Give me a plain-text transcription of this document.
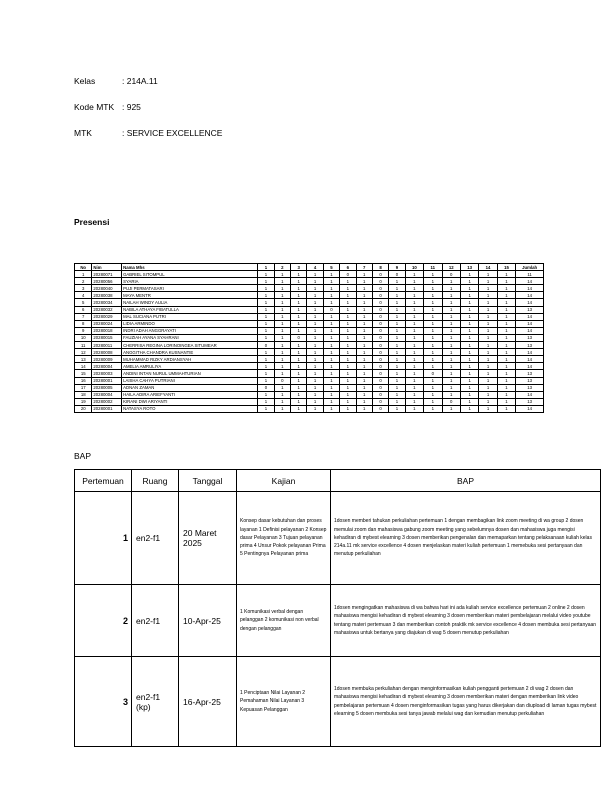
Kelas	: 214A.11
Kode MTK : 925
MTK	: SERVICE EXCELLENCE
Presensi
No	Nim	Nama Mhs	1	2	3	4	5	6	7	8	9	10	11	12	13	14	15	Jumlah
1	20280071	GABRIEL SITOMPUL	1	1	1	1	1	0	1	0	0	1	1	0	1	1	1	11
2	20280056	SYARIA	1	1	1	1	1	1	1	0	1	1	1	1	1	1	1	14
3	20280040	PUJI PERMATASARI	1	1	1	1	1	1	1	0	1	1	1	1	1	1	1	14
4	20280038	MAYA MENTR	1	1	1	1	1	1	1	0	1	1	1	1	1	1	1	14
5	20280034	NAILAH WINDY AULIA	1	1	1	1	1	1	1	0	1	1	1	1	1	1	1	14
6	20280032	NABILA ATHAYA FIBATULLA	1	1	1	1	0	1	1	0	1	1	1	1	1	1	1	13
7	20280029	MAL SUCIANA PUTRI	1	1	1	1	1	1	1	0	1	1	1	1	1	1	1	14
8	20280024	LIDIA ARMINDO	1	1	1	1	1	1	1	0	1	1	1	1	1	1	1	14
9	20280018	INDRI ADAH ANGGRAYATI	1	1	1	1	1	1	1	0	1	1	1	1	1	1	1	14
10	20280015	FAUZIAH AYANA SYAHRANI	1	1	0	1	1	1	1	0	1	1	1	1	1	1	1	13
11	20280011	CHERRISA REGINA LORINOINGEA SITUMEAR	0	1	1	1	1	1	1	0	1	1	1	1	1	1	1	13
12	20280008	ANGGITHA CHANDRA KUSNANTIE	1	1	1	1	1	1	1	0	1	1	1	1	1	1	1	14
13	20280009	MUHAMMAD RIZKY ARDIANSYAH	1	1	1	1	1	1	1	0	1	1	1	1	1	1	1	14
14	20280004	AMELIA AMRULIYA	1	1	1	1	1	1	1	0	1	1	1	1	1	1	1	14
15	20280003	ANDINI INTAN NURUL UMMAHTURIAN	1	1	1	1	1	1	1	0	1	1	0	1	1	1	1	13
16	20280001	LAISHA CAHYA PUTRIANI	1	0	1	1	1	1	1	0	1	1	1	1	1	1	1	13
17	20280005	ADNAN ZAMAN	0	1	1	1	1	1	1	0	1	1	1	1	1	1	1	13
18	20280004	HAILA ADIRA ARIEFYANTI	1	1	1	1	1	1	1	0	1	1	1	1	1	1	1	14
19	20280002	KIRANI DWI ARIYANTI	1	1	1	1	1	1	1	0	1	1	1	0	1	1	1	13
20	20280001	NATASYA ROTO	1	1	1	1	1	1	1	0	1	1	1	1	1	1	1	14
BAP
Pertemuan	Ruang	Tanggal	Kajian	BAP
1	en2-f1	20 Maret 2025	Konsep dasar kebutuhan dan proses layanan 1 Definisi pelayanan 2 Konsep dasar Pelayanan 3 Tujuan pelayanan prima 4 Unsur Pokok pelayanan Prima 5 Pentingnya Pelayanan prima	1dosen memberi tahukan perkuliahan pertemuan 1 dengan membagikan link zoom meeting di wa group 2 dosen memulai zoom dan mahasiswa gabung zoom meeting yang sebelumnya dosen dan mahasiswa juga mengisi kehadiran di mybest elearning 3 dosen memberikan pengenalan dan memaparkan tentang pelaksanaan kuliah kelas 214a.11 mk service excellence 4 dosen menjelaskan materi kuliah pertemuan 1 memebuka sesi pertanyaan dan menutup perkuliahan
2	en2-f1	10-Apr-25	1 Komunikasi verbal dengan pelanggan 2 komunikasi non verbal dengan pelanggan	1dosen mengingatkan mahasiswa di wa bahwa hari ini ada kuliah service excellence pertemuan 2 online 2 dosen mahasiswa mengisi kehadiran di mybest elearning 3 dosen memberikan materi pembelajaran melalui video youtube tentang materi pertemuan 3 dan memberikan contoh praktik mk service excellence 4 dosen membuka sesi pertanyaan mahasiswa untuk bertanya yang diajukan di wag 5 dosen menutup perkuliahan
3	en2-f1 (kp)	16-Apr-25	1 Penciptaan Nilai Layanan 2 Pemahaman Nilai Layanan 3 Kepuasan Pelanggan	1dosen membuka perkuliahan dengan menginformasikan kuliah pengganti pertemuan 2 di wag 2 dosen dan mahasiswa mengisi kehadiran di mybest elearning 3 dosen memberikan materi dengan memberikan link video pembelajaran pertemuan 4 dosen menginformasikan tugas yang harus dikerjakan dan diupload di laman tugas mybest elearning 5 dosen membuka sesi tanya jawab melalui wag dan kemudian menutup perkuliahan
